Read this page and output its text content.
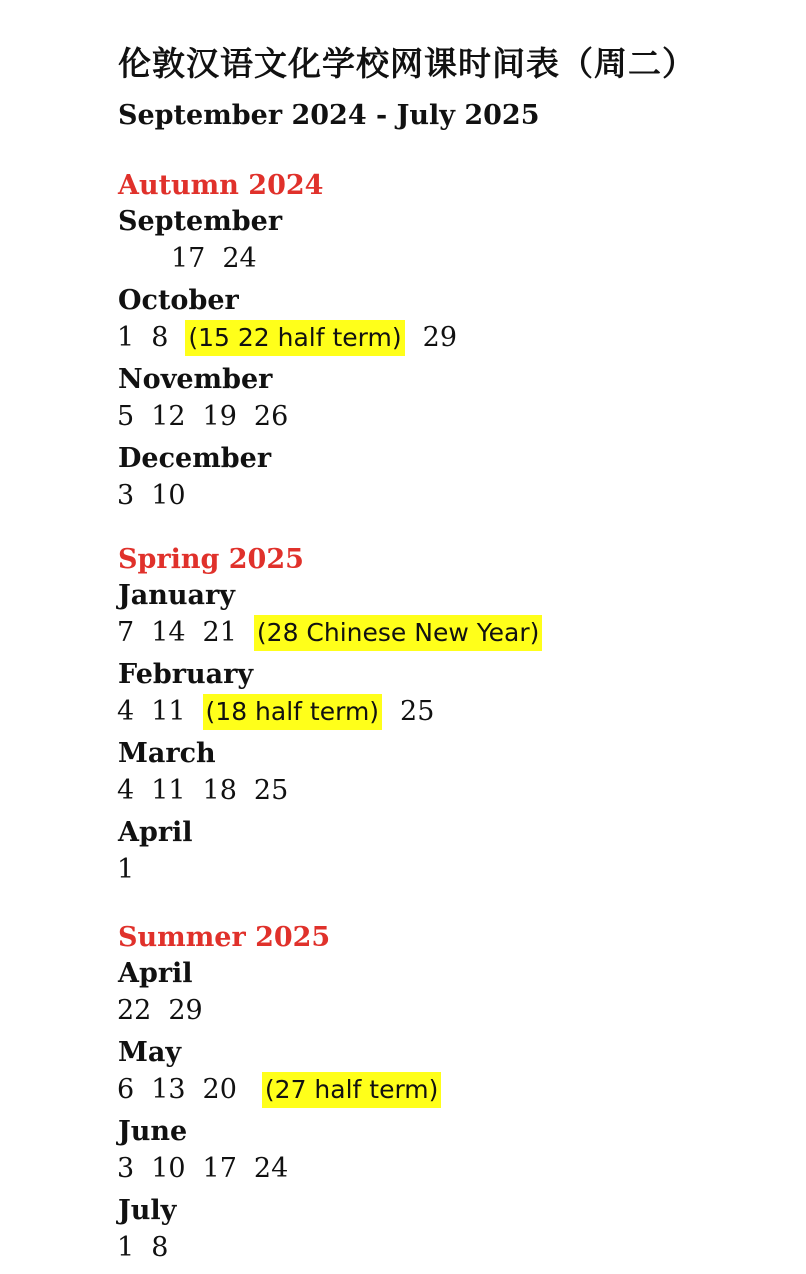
伦敦汉语文化学校网课时间表（周二）
September 2024 - July 2025
Autumn 2024
September
17 24
October
1 8 (15 22 half term) 29
November
5 12 19 26
December
3 10
Spring 2025
January
7 14 21 (28 Chinese New Year)
February
4 11 (18 half term) 25
March
4 11 18 25
April
1
Summer 2025
April
22 29
May
6 13 20 (27 half term)
June
3 10 17 24
July
1 8
